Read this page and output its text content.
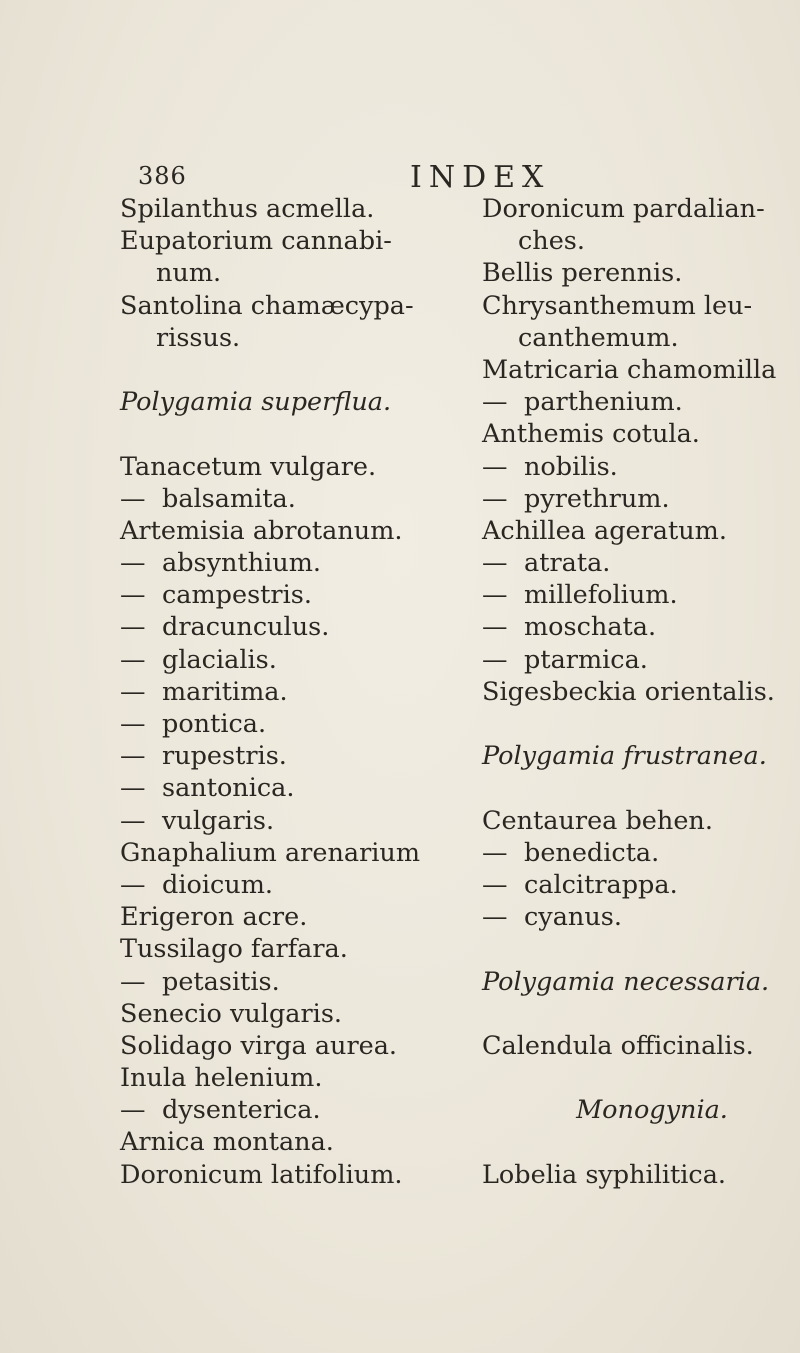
386	INDEX
Spilanthus acmella.
Eupatorium cannabi-
num.
Santolina chamæcypa-
rissus.
Polygamia superflua.
Tanacetum vulgare.
— balsamita.
Artemisia abrotanum.
— absynthium.
— campestris.
— dracunculus.
— glacialis.
— maritima.
— pontica.
— rupestris.
— santonica.
— vulgaris.
Gnaphalium arenarium
— dioicum.
Erigeron acre.
Tussilago farfara.
— petasitis.
Senecio vulgaris.
Solidago virga aurea.
Inula helenium.
— dysenterica.
Arnica montana.
Doronicum latifolium.
Doronicum pardalian-
ches.
Bellis perennis.
Chrysanthemum leu-
canthemum.
Matricaria chamomilla
— parthenium.
Anthemis cotula.
— nobilis.
— pyrethrum.
Achillea ageratum.
— atrata.
— millefolium.
— moschata.
— ptarmica.
Sigesbeckia orientalis.
Polygamia frustranea.
Centaurea behen.
— benedicta.
— calcitrappa.
— cyanus.
Polygamia necessaria.
Calendula officinalis.
Monogynia.
Lobelia syphilitica.
